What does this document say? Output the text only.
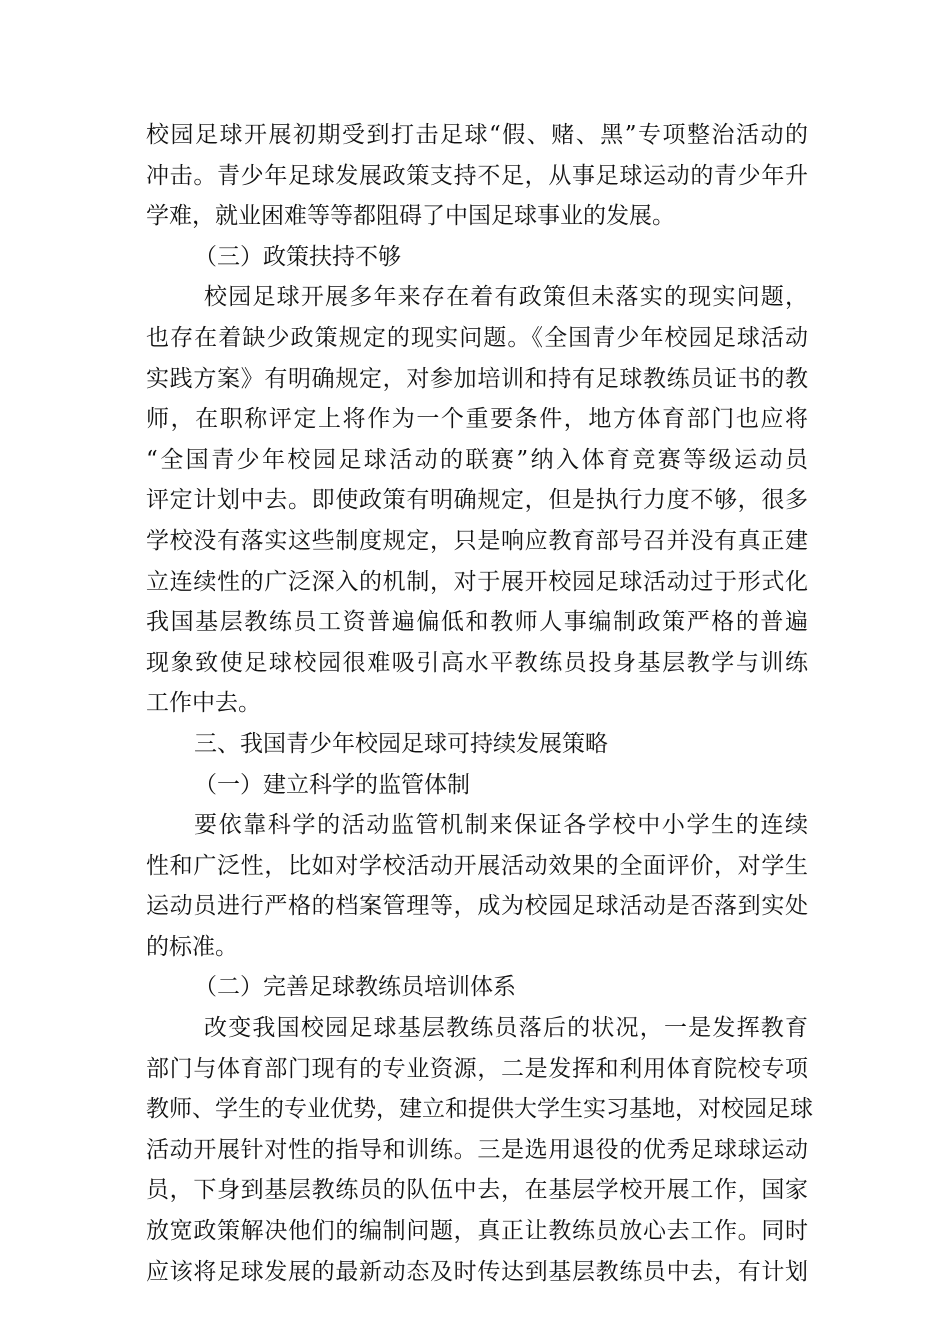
校园足球开展初期受到打击足球“假、赌、黑”专项整治活动的
冲击。青少年足球发展政策支持不足，从事足球运动的青少年升
学难，就业困难等等都阻碍了中国足球事业的发展。
（三）政策扶持不够
校园足球开展多年来存在着有政策但未落实的现实问题，
也存在着缺少政策规定的现实问题。《全国青少年校园足球活动
实践方案》有明确规定，对参加培训和持有足球教练员证书的教
师，在职称评定上将作为一个重要条件，地方体育部门也应将
“全国青少年校园足球活动的联赛”纳入体育竞赛等级运动员
评定计划中去。即使政策有明确规定，但是执行力度不够，很多
学校没有落实这些制度规定，只是响应教育部号召并没有真正建
立连续性的广泛深入的机制，对于展开校园足球活动过于形式化
我国基层教练员工资普遍偏低和教师人事编制政策严格的普遍
现象致使足球校园很难吸引高水平教练员投身基层教学与训练
工作中去。
三、我国青少年校园足球可持续发展策略
（一）建立科学的监管体制
要依靠科学的活动监管机制来保证各学校中小学生的连续
性和广泛性，比如对学校活动开展活动效果的全面评价，对学生
运动员进行严格的档案管理等，成为校园足球活动是否落到实处
的标准。
（二）完善足球教练员培训体系
改变我国校园足球基层教练员落后的状况，一是发挥教育
部门与体育部门现有的专业资源，二是发挥和利用体育院校专项
教师、学生的专业优势，建立和提供大学生实习基地，对校园足球
活动开展针对性的指导和训练。三是选用退役的优秀足球球运动
员，下身到基层教练员的队伍中去，在基层学校开展工作，国家
放宽政策解决他们的编制问题，真正让教练员放心去工作。同时
应该将足球发展的最新动态及时传达到基层教练员中去，有计划
